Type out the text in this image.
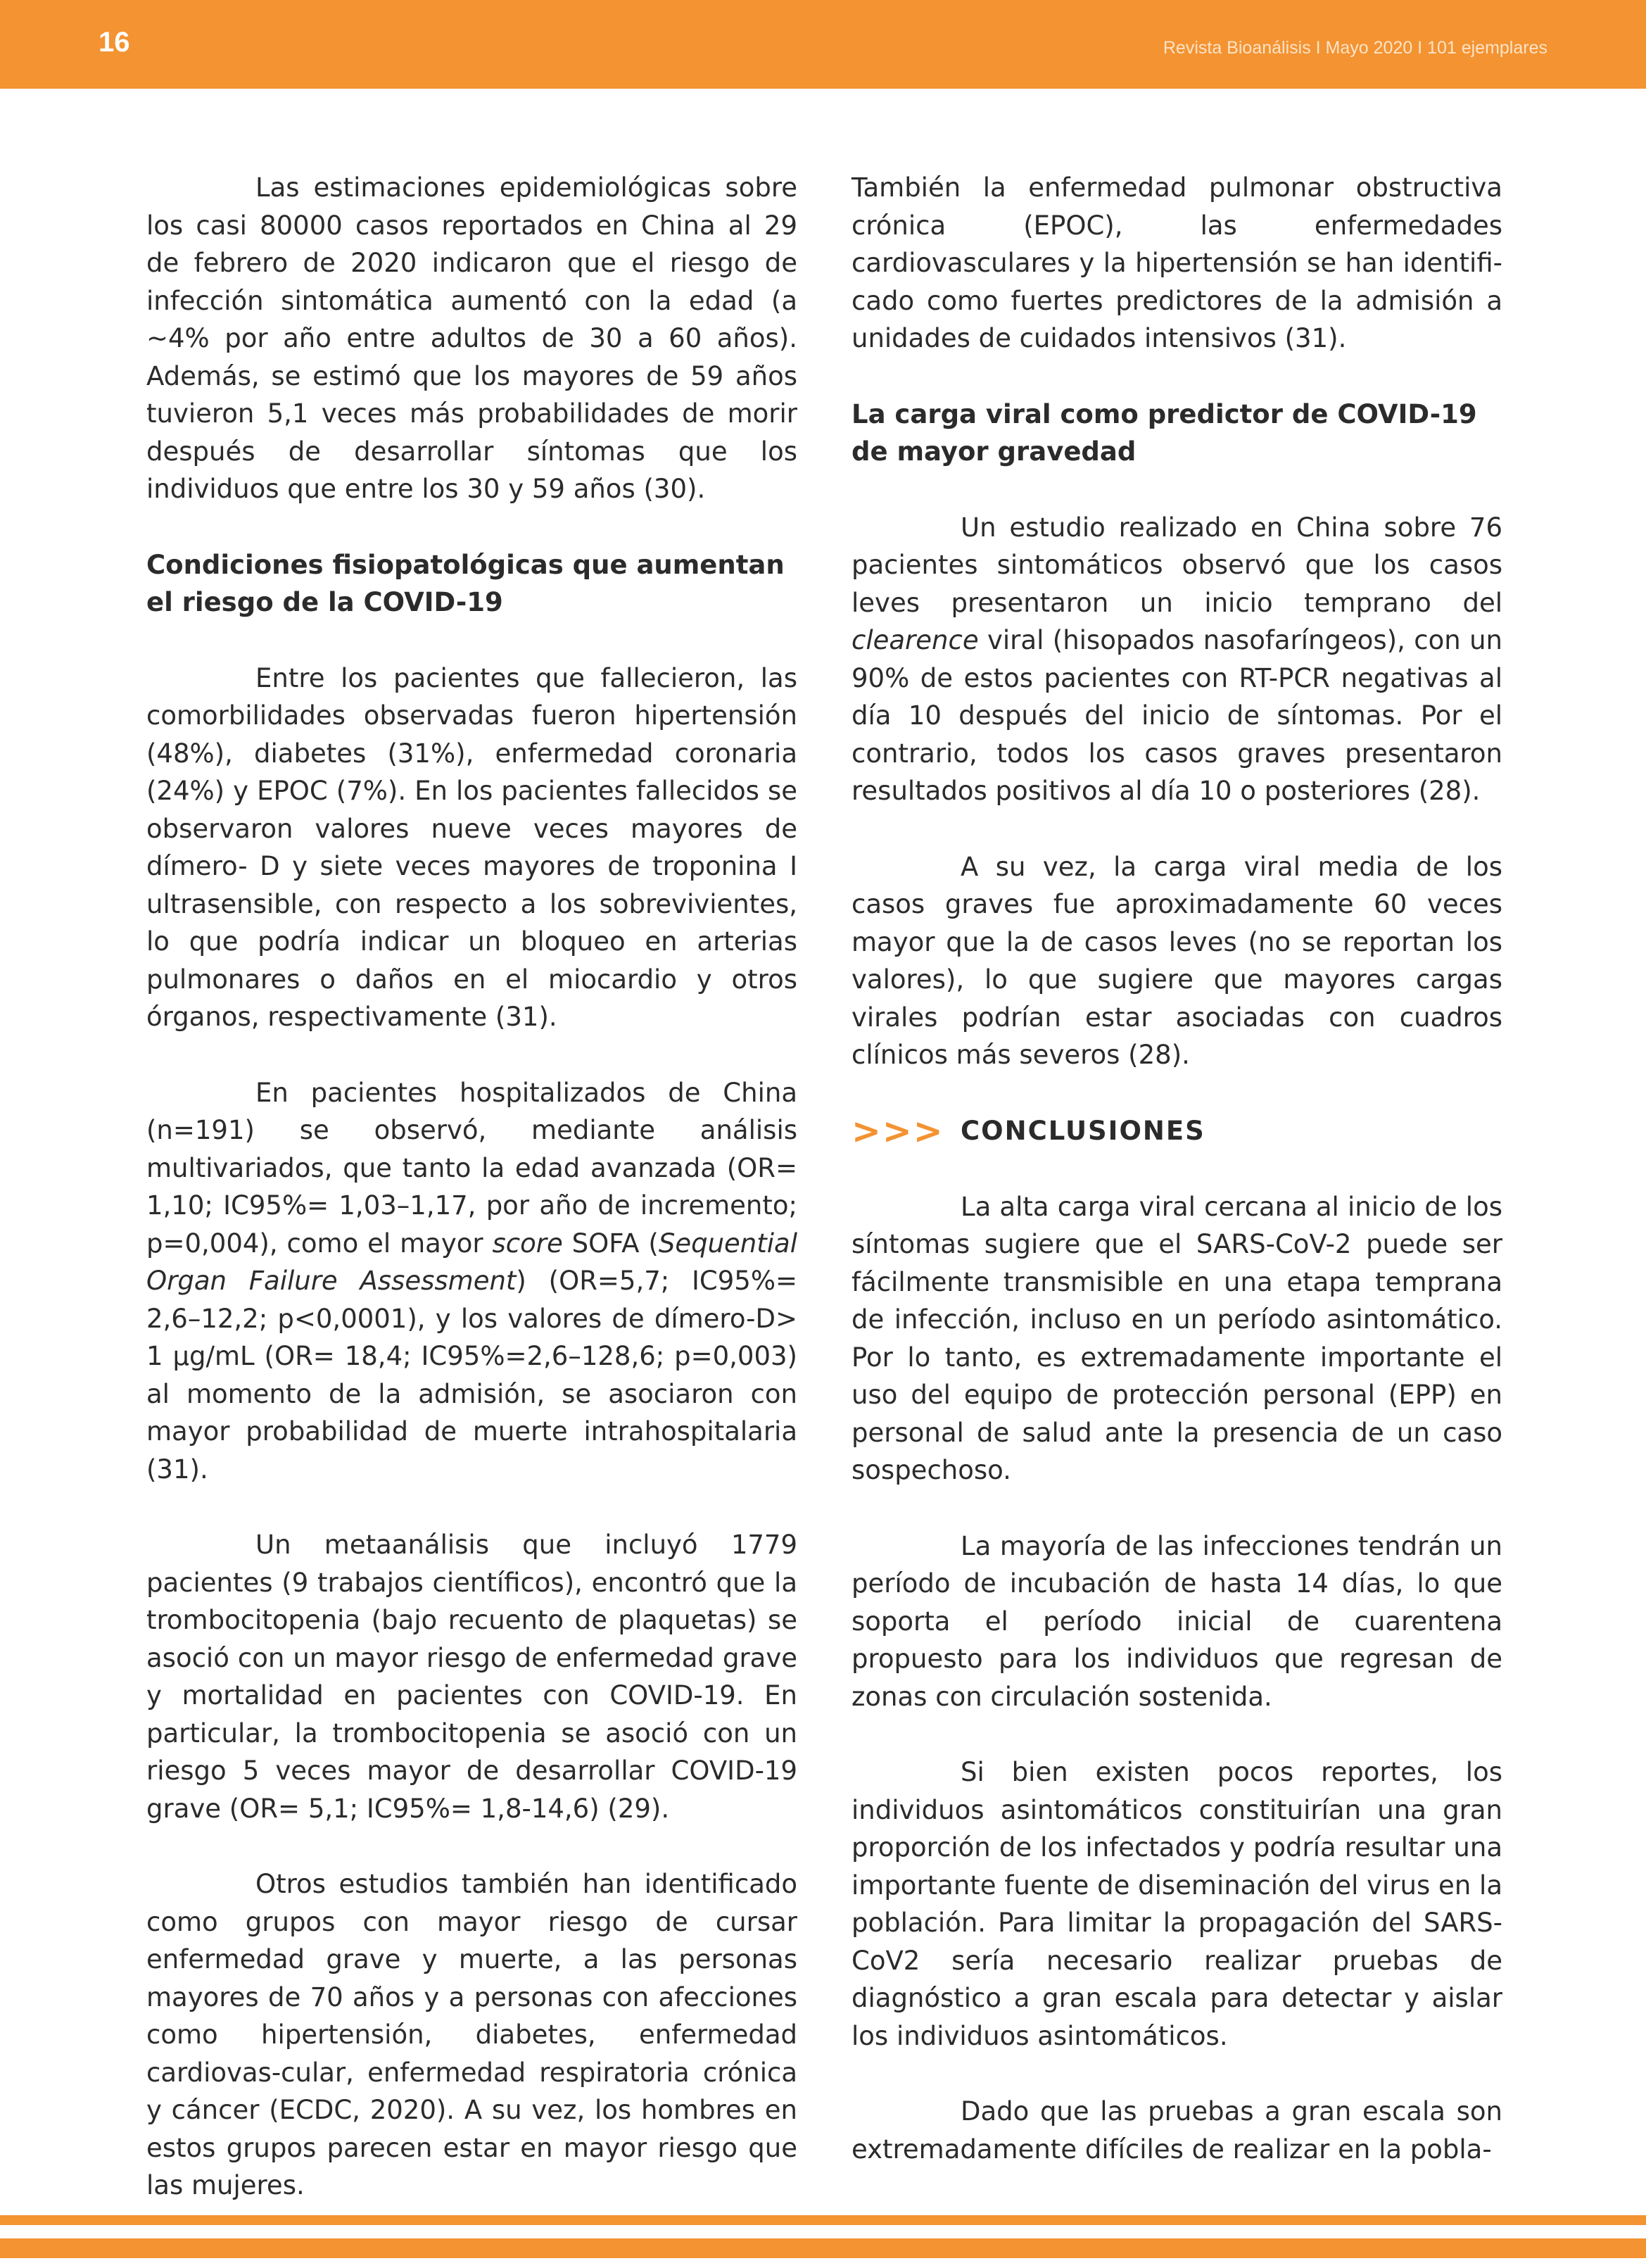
16	Revista Bioanálisis I Mayo 2020 I 101 ejemplares

Las estimaciones epidemiológicas sobre los casi 80000 casos reportados en China al 29 de febrero de 2020 indicaron que el riesgo de infección sintomática aumentó con la edad (a ~4% por año entre adultos de 30 a 60 años). Además, se estimó que los mayores de 59 años tuvieron 5,1 veces más probabilidades de morir después de desarrollar síntomas que los individuos que entre los 30 y 59 años (30).

Condiciones fisiopatológicas que aumentan el riesgo de la COVID-19

Entre los pacientes que fallecieron, las comorbilidades observadas fueron hipertensión (48%), diabetes (31%), enfermedad coronaria (24%) y EPOC (7%). En los pacientes fallecidos se observaron valores nueve veces mayores de dímero- D y siete veces mayores de troponina I ultrasensible, con respecto a los sobrevivientes, lo que podría indicar un bloqueo en arterias pulmonares o daños en el miocardio y otros órganos, respectivamente (31).

En pacientes hospitalizados de China (n=191) se observó, mediante análisis multivariados, que tanto la edad avanzada (OR= 1,10; IC95%= 1,03–1,17, por año de incremento; p=0,004), como el mayor score SOFA (Sequential Organ Failure Assessment) (OR=5,7; IC95%= 2,6–12,2; p<0,0001), y los valores de dímero-D> 1 µg/mL (OR= 18,4; IC95%=2,6–128,6; p=0,003) al momento de la admisión, se asociaron con mayor probabilidad de muerte intrahospitalaria (31).

Un metaanálisis que incluyó 1779 pacientes (9 trabajos científicos), encontró que la trombocitopenia (bajo recuento de plaquetas) se asoció con un mayor riesgo de enfermedad grave y mortalidad en pacientes con COVID-19. En particular, la trombocitopenia se asoció con un riesgo 5 veces mayor de desarrollar COVID-19 grave (OR= 5,1; IC95%= 1,8-14,6) (29).

Otros estudios también han identificado como grupos con mayor riesgo de cursar enfermedad grave y muerte, a las personas mayores de 70 años y a personas con afecciones como hipertensión, diabetes, enfermedad cardiovas-cular, enfermedad respiratoria crónica y cáncer (ECDC, 2020). A su vez, los hombres en estos grupos parecen estar en mayor riesgo que las mujeres.

También la enfermedad pulmonar obstructiva crónica (EPOC), las enfermedades cardiovasculares y la hipertensión se han identifi-cado como fuertes predictores de la admisión a unidades de cuidados intensivos (31).

La carga viral como predictor de COVID-19 de mayor gravedad

Un estudio realizado en China sobre 76 pacientes sintomáticos observó que los casos leves presentaron un inicio temprano del clearence viral (hisopados nasofaríngeos), con un 90% de estos pacientes con RT-PCR negativas al día 10 después del inicio de síntomas. Por el contrario, todos los casos graves presentaron resultados positivos al día 10 o posteriores (28).

A su vez, la carga viral media de los casos graves fue aproximadamente 60 veces mayor que la de casos leves (no se reportan los valores), lo que sugiere que mayores cargas virales podrían estar asociadas con cuadros clínicos más severos (28).

>>> CONCLUSIONES

La alta carga viral cercana al inicio de los síntomas sugiere que el SARS-CoV-2 puede ser fácilmente transmisible en una etapa temprana de infección, incluso en un período asintomático. Por lo tanto, es extremadamente importante el uso del equipo de protección personal (EPP) en personal de salud ante la presencia de un caso sospechoso.

La mayoría de las infecciones tendrán un período de incubación de hasta 14 días, lo que soporta el período inicial de cuarentena propuesto para los individuos que regresan de zonas con circulación sostenida.

Si bien existen pocos reportes, los individuos asintomáticos constituirían una gran proporción de los infectados y podría resultar una importante fuente de diseminación del virus en la población. Para limitar la propagación del SARS-CoV2 sería necesario realizar pruebas de diagnóstico a gran escala para detectar y aislar los individuos asintomáticos.

Dado que las pruebas a gran escala son extremadamente difíciles de realizar en la pobla-
